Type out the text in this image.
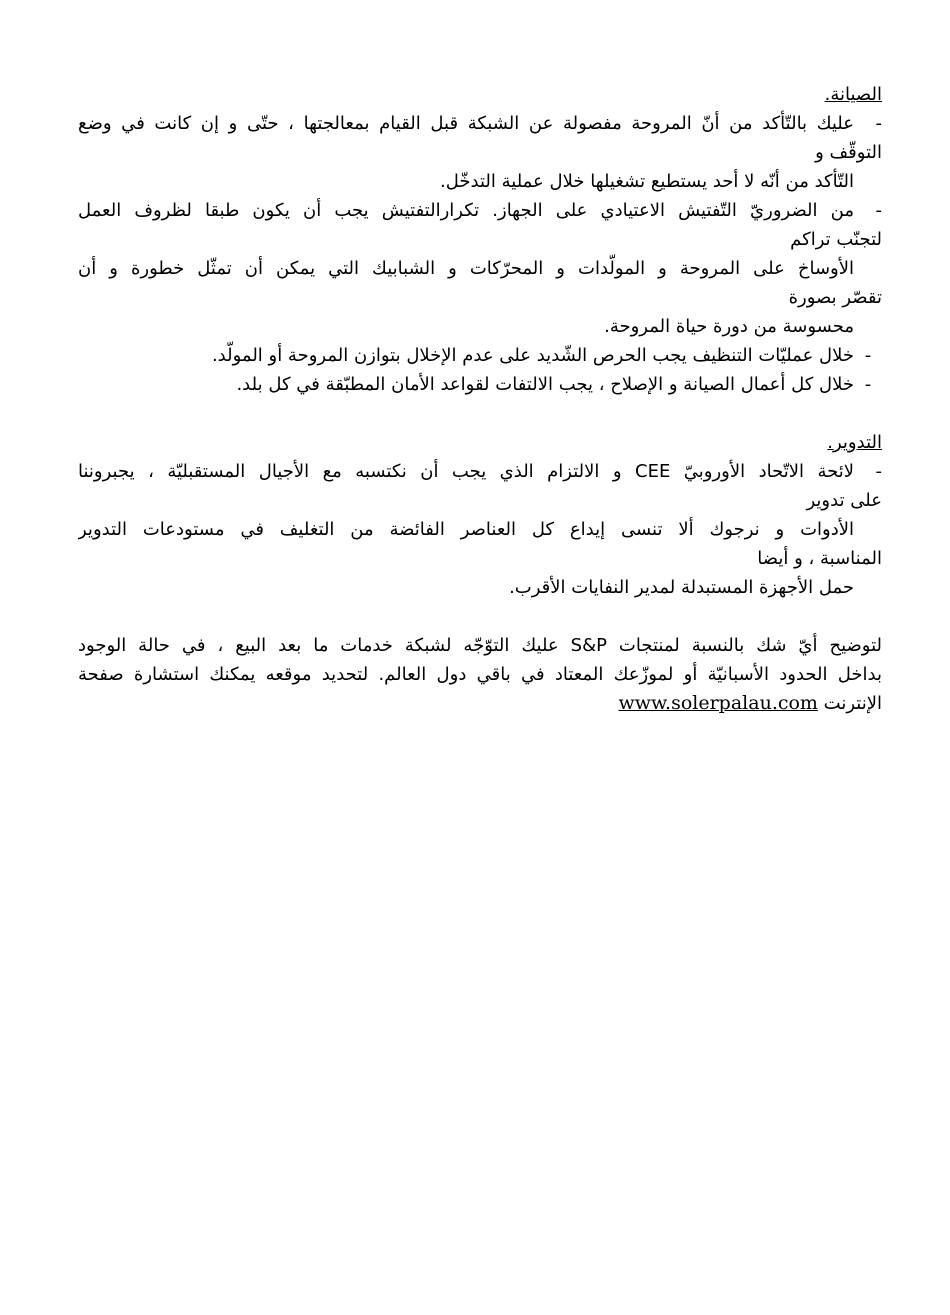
الصيانة.

-عليك بالتّأكد من أنّ المروحة مفصولة عن الشبكة قبل القيام بمعالجتها ، حتّى و إن كانت في وضع

التوقّف و

التّأكد من أنّه لا أحد يستطيع تشغيلها خلال عملية التدخّل.

-من الضروريّ التّفتيش الاعتيادي على الجهاز. تكرارالتفتيش يجب أن يكون طبقا لظروف العمل

لتجنّب تراكم

الأوساخ على المروحة و المولّدات و المحرّكات و الشبابيك التي يمكن أن تمثّل خطورة و أن

تقصّر بصورة

محسوسة من دورة حياة المروحة.

-خلال عمليّات التنظيف يجب الحرص الشّديد على عدم الإخلال بتوازن المروحة أو المولّد.

-خلال كل أعمال الصيانة و الإصلاح ، يجب الالتفات لقواعد الأمان المطبّقة في كل بلد.

التدوير.

-لائحة الاتّحاد الأوروبيّ CEE و الالتزام الذي يجب أن نكتسبه مع الأجيال المستقبليّة ، يجبروننا

على تدوير

الأدوات و نرجوك ألا تنسى إيداع كل العناصر الفائضة من التغليف في مستودعات التدوير

المناسبة ، و أيضا

حمل الأجهزة المستبدلة لمدير النفايات الأقرب.

لتوضيح أيّ شك بالنسبة لمنتجات S&P عليك التوّجّه لشبكة خدمات ما بعد البيع ، في حالة الوجود

بداخل الحدود الأسبانيّة أو لموزّعك المعتاد في باقي دول العالم. لتحديد موقعه يمكنك استشارة صفحة

الإنترنت www.solerpalau.com
